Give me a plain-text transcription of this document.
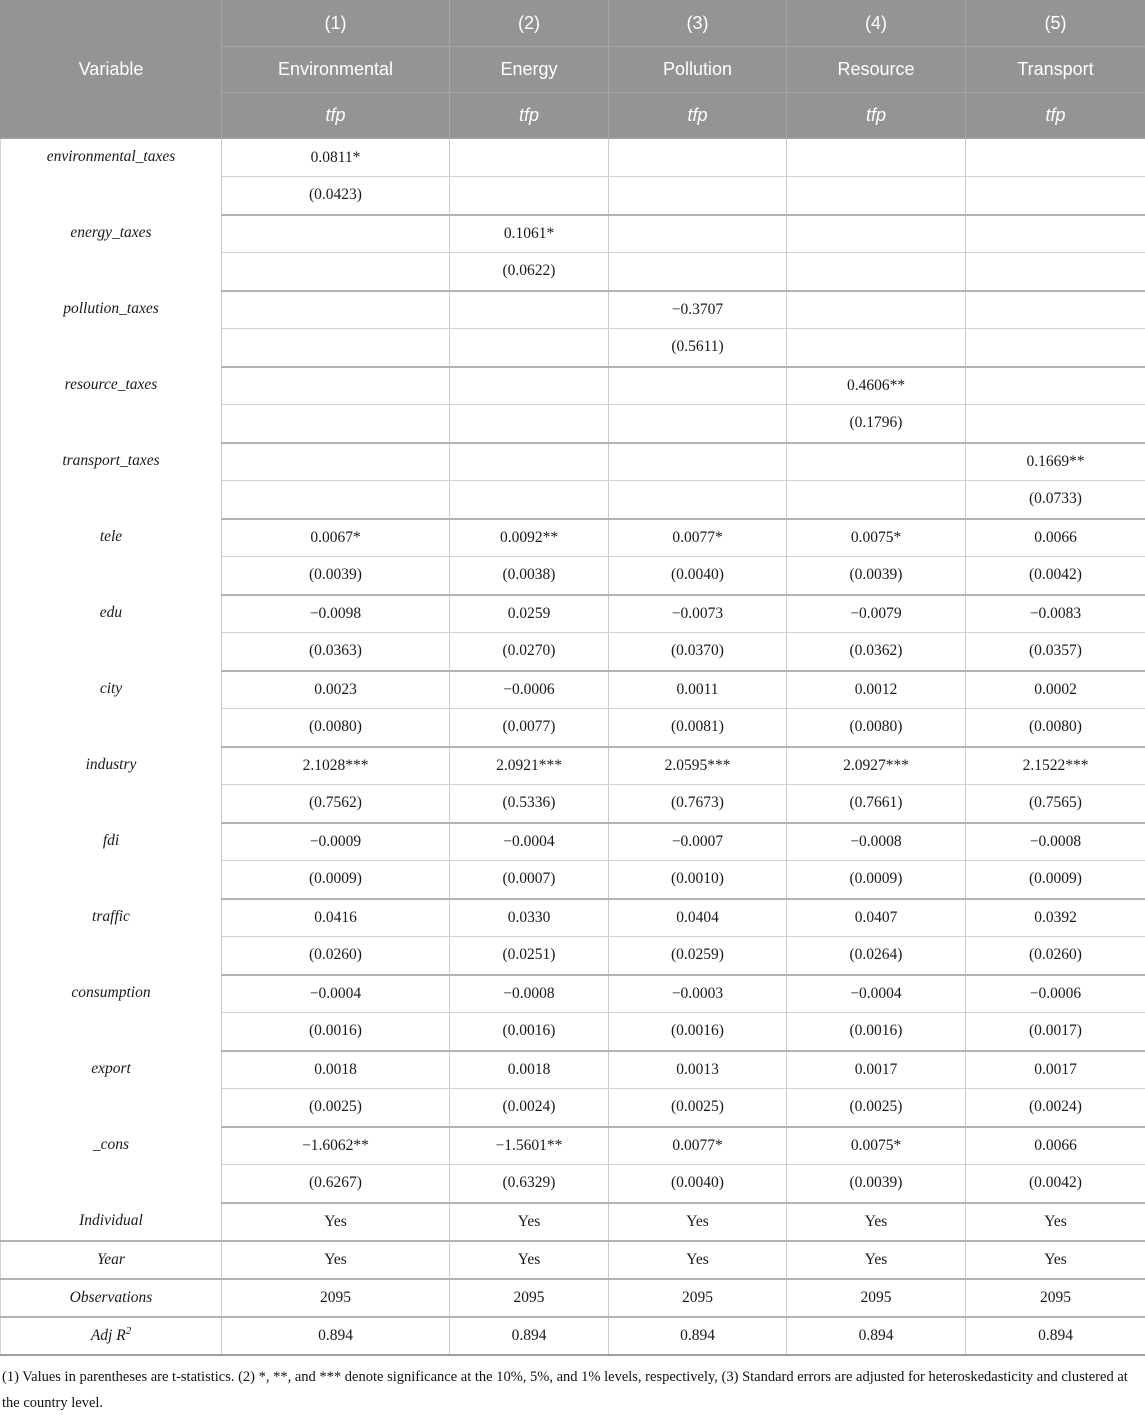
Variable	(1)	(2)	(3)	(4)	(5)
	Environmental	Energy	Pollution	Resource	Transport
	tfp	tfp	tfp	tfp	tfp
environmental_taxes	0.0811*				
	(0.0423)				
energy_taxes		0.1061*			
		(0.0622)			
pollution_taxes			−0.3707		
			(0.5611)		
resource_taxes				0.4606**	
				(0.1796)	
transport_taxes					0.1669**
					(0.0733)
tele	0.0067*	0.0092**	0.0077*	0.0075*	0.0066
	(0.0039)	(0.0038)	(0.0040)	(0.0039)	(0.0042)
edu	−0.0098	0.0259	−0.0073	−0.0079	−0.0083
	(0.0363)	(0.0270)	(0.0370)	(0.0362)	(0.0357)
city	0.0023	−0.0006	0.0011	0.0012	0.0002
	(0.0080)	(0.0077)	(0.0081)	(0.0080)	(0.0080)
industry	2.1028***	2.0921***	2.0595***	2.0927***	2.1522***
	(0.7562)	(0.5336)	(0.7673)	(0.7661)	(0.7565)
fdi	−0.0009	−0.0004	−0.0007	−0.0008	−0.0008
	(0.0009)	(0.0007)	(0.0010)	(0.0009)	(0.0009)
traffic	0.0416	0.0330	0.0404	0.0407	0.0392
	(0.0260)	(0.0251)	(0.0259)	(0.0264)	(0.0260)
consumption	−0.0004	−0.0008	−0.0003	−0.0004	−0.0006
	(0.0016)	(0.0016)	(0.0016)	(0.0016)	(0.0017)
export	0.0018	0.0018	0.0013	0.0017	0.0017
	(0.0025)	(0.0024)	(0.0025)	(0.0025)	(0.0024)
_cons	−1.6062**	−1.5601**	0.0077*	0.0075*	0.0066
	(0.6267)	(0.6329)	(0.0040)	(0.0039)	(0.0042)
Individual	Yes	Yes	Yes	Yes	Yes
Year	Yes	Yes	Yes	Yes	Yes
Observations	2095	2095	2095	2095	2095
Adj $R^2$	0.894	0.894	0.894	0.894	0.894
(1) Values in parentheses are t-statistics. (2) *, **, and *** denote significance at the 10%, 5%, and 1% levels, respectively, (3) Standard errors are adjusted for heteroskedasticity and clustered at the country level.
